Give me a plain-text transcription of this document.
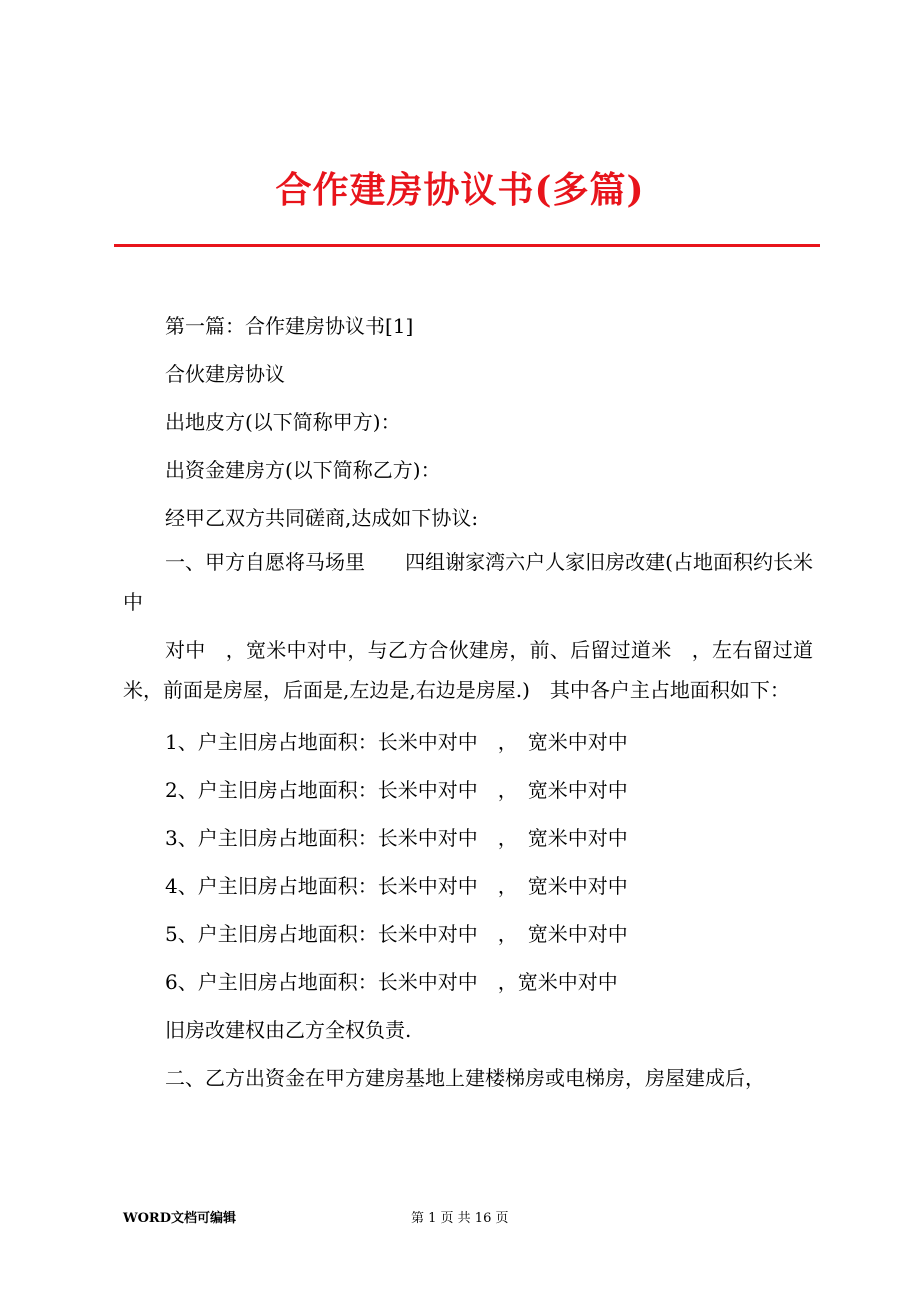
合作建房协议书(多篇)

第一篇：合作建房协议书[1]

合伙建房协议

出地皮方(以下简称甲方)：

出资金建房方(以下简称乙方)：

经甲乙双方共同磋商,达成如下协议:

一、甲方自愿将马场里　　四组谢家湾六户人家旧房改建(占地面积约长米中

对中　，宽米中对中，与乙方合伙建房，前、后留过道米　，左右留过道米，前面是房屋，后面是,左边是,右边是房屋.)　其中各户主占地面积如下：

1、户主旧房占地面积：长米中对中　，　宽米中对中

2、户主旧房占地面积：长米中对中　，　宽米中对中

3、户主旧房占地面积：长米中对中　，　宽米中对中

4、户主旧房占地面积：长米中对中　，　宽米中对中

5、户主旧房占地面积：长米中对中　，　宽米中对中

6、户主旧房占地面积：长米中对中　，宽米中对中

旧房改建权由乙方全权负责.

二、乙方出资金在甲方建房基地上建楼梯房或电梯房，房屋建成后，

WORD文档可编辑	第 1 页 共 16 页
